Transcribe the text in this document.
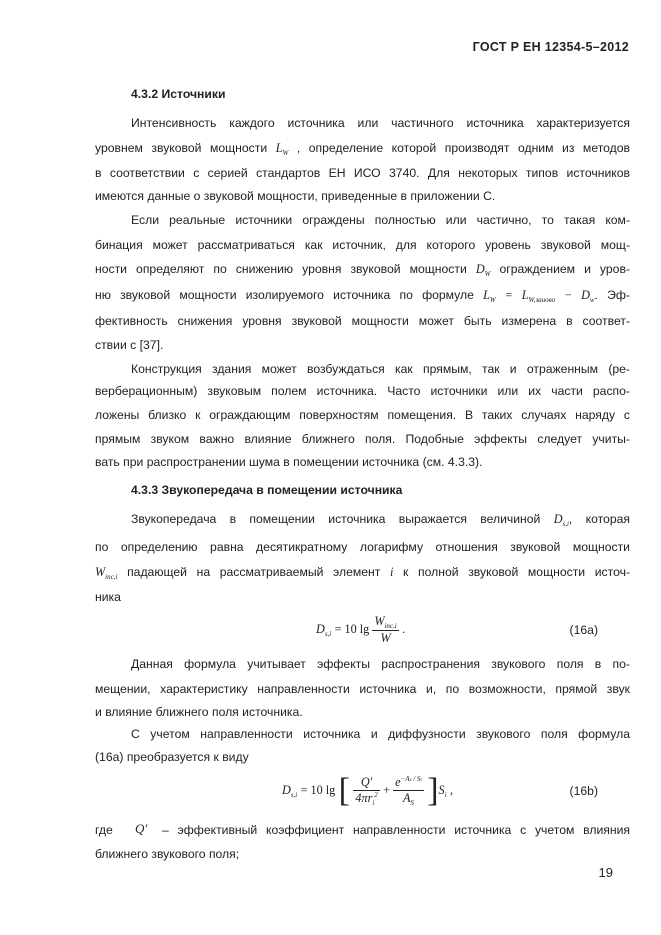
ГОСТ Р ЕН 12354-5–2012
4.3.2 Источники
Интенсивность каждого источника или частичного источника характеризуется
уровнем звуковой мощности $L_W$ , определение которой производят одним из методов
в соответствии с серией стандартов ЕН ИСО 3740. Для некоторых типов источников
имеются данные о звуковой мощности, приведенные в приложении С.
Если реальные источники ограждены полностью или частично, то такая ком-
бинация может рассматриваться как источник, для которого уровень звуковой мощ-
ности определяют по снижению уровня звуковой мощности $D_W$ ограждением и уров-
ню звуковой мощности изолируемого источника по формуле $L_W = L_{W,заново} - D_w$. Эф-
фективность снижения уровня звуковой мощности может быть измерена в соответ-
ствии с [37].
Конструкция здания может возбуждаться как прямым, так и отраженным (ре-
верберационным) звуковым полем источника. Часто источники или их части распо-
ложены близко к ограждающим поверхностям помещения. В таких случаях наряду с
прямым звуком важно влияние ближнего поля. Подобные эффекты следует учиты-
вать при распространении шума в помещении источника (см. 4.3.3).
4.3.3 Звукопередача в помещении источника
Звукопередача в помещении источника выражается величиной $D_{s,i}$, которая
по определению равна десятикратному логарифму отношения звуковой мощности
$W_{inc,i}$ падающей на рассматриваемый элемент i к полной звуковой мощности источ-
ника
$D_{s,i} = 10$ $\lg \frac{W_{inc,i}}{W}$ .	(16a)
Данная формула учитывает эффекты распространения звукового поля в по-
мещении, характеристику направленности источника и, по возможности, прямой звук
и влияние ближнего поля источника.
С учетом направленности источника и диффузности звукового поля формула
(16а) преобразуется к виду
$D_{s,i} = 10$ lg [ $\frac{Q'}{4\pi r_i^2} + \frac{e^{-As / St}}{A_S} ]S_i$ ,	(16b)
где Q′ – эффективный коэффициент направленности источника с учетом влияния
ближнего звукового поля;
19
